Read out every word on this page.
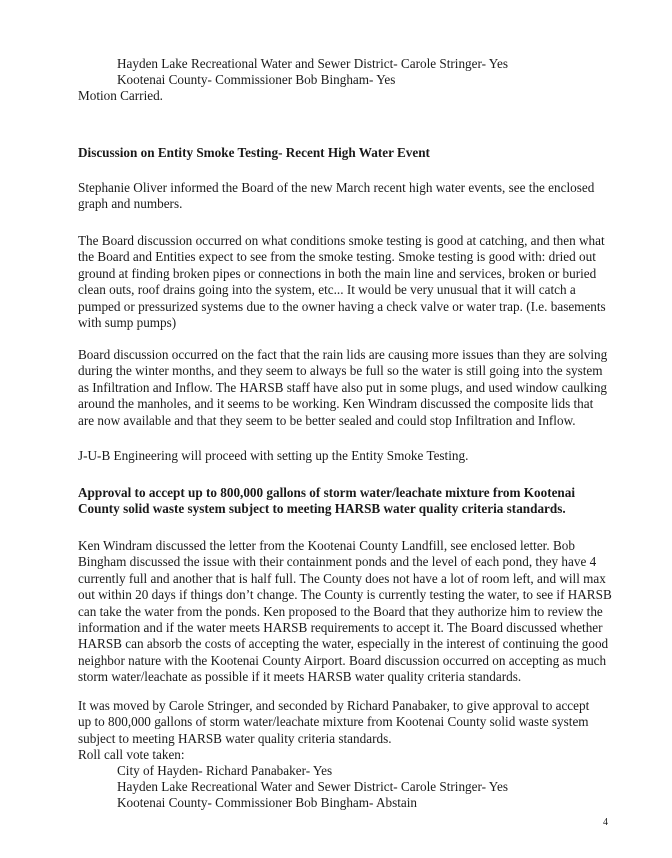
Hayden Lake Recreational Water and Sewer District- Carole Stringer- Yes
Kootenai County- Commissioner Bob Bingham- Yes
Motion Carried.
Discussion on Entity Smoke Testing- Recent High Water Event
Stephanie Oliver informed the Board of the new March recent high water events, see the enclosed
graph and numbers.
The Board discussion occurred on what conditions smoke testing is good at catching, and then what
the Board and Entities expect to see from the smoke testing. Smoke testing is good with: dried out
ground at finding broken pipes or connections in both the main line and services, broken or buried
clean outs, roof drains going into the system, etc... It would be very unusual that it will catch a
pumped or pressurized systems due to the owner having a check valve or water trap. (I.e. basements
with sump pumps)
Board discussion occurred on the fact that the rain lids are causing more issues than they are solving
during the winter months, and they seem to always be full so the water is still going into the system
as Infiltration and Inflow. The HARSB staff have also put in some plugs, and used window caulking
around the manholes, and it seems to be working. Ken Windram discussed the composite lids that
are now available and that they seem to be better sealed and could stop Infiltration and Inflow.
J-U-B Engineering will proceed with setting up the Entity Smoke Testing.
Approval to accept up to 800,000 gallons of storm water/leachate mixture from Kootenai
County solid waste system subject to meeting HARSB water quality criteria standards.
Ken Windram discussed the letter from the Kootenai County Landfill, see enclosed letter. Bob
Bingham discussed the issue with their containment ponds and the level of each pond, they have 4
currently full and another that is half full. The County does not have a lot of room left, and will max
out within 20 days if things don’t change. The County is currently testing the water, to see if HARSB
can take the water from the ponds. Ken proposed to the Board that they authorize him to review the
information and if the water meets HARSB requirements to accept it. The Board discussed whether
HARSB can absorb the costs of accepting the water, especially in the interest of continuing the good
neighbor nature with the Kootenai County Airport. Board discussion occurred on accepting as much
storm water/leachate as possible if it meets HARSB water quality criteria standards.
It was moved by Carole Stringer, and seconded by Richard Panabaker, to give approval to accept
up to 800,000 gallons of storm water/leachate mixture from Kootenai County solid waste system
subject to meeting HARSB water quality criteria standards.
Roll call vote taken:
City of Hayden- Richard Panabaker- Yes
Hayden Lake Recreational Water and Sewer District- Carole Stringer- Yes
Kootenai County- Commissioner Bob Bingham- Abstain
4
